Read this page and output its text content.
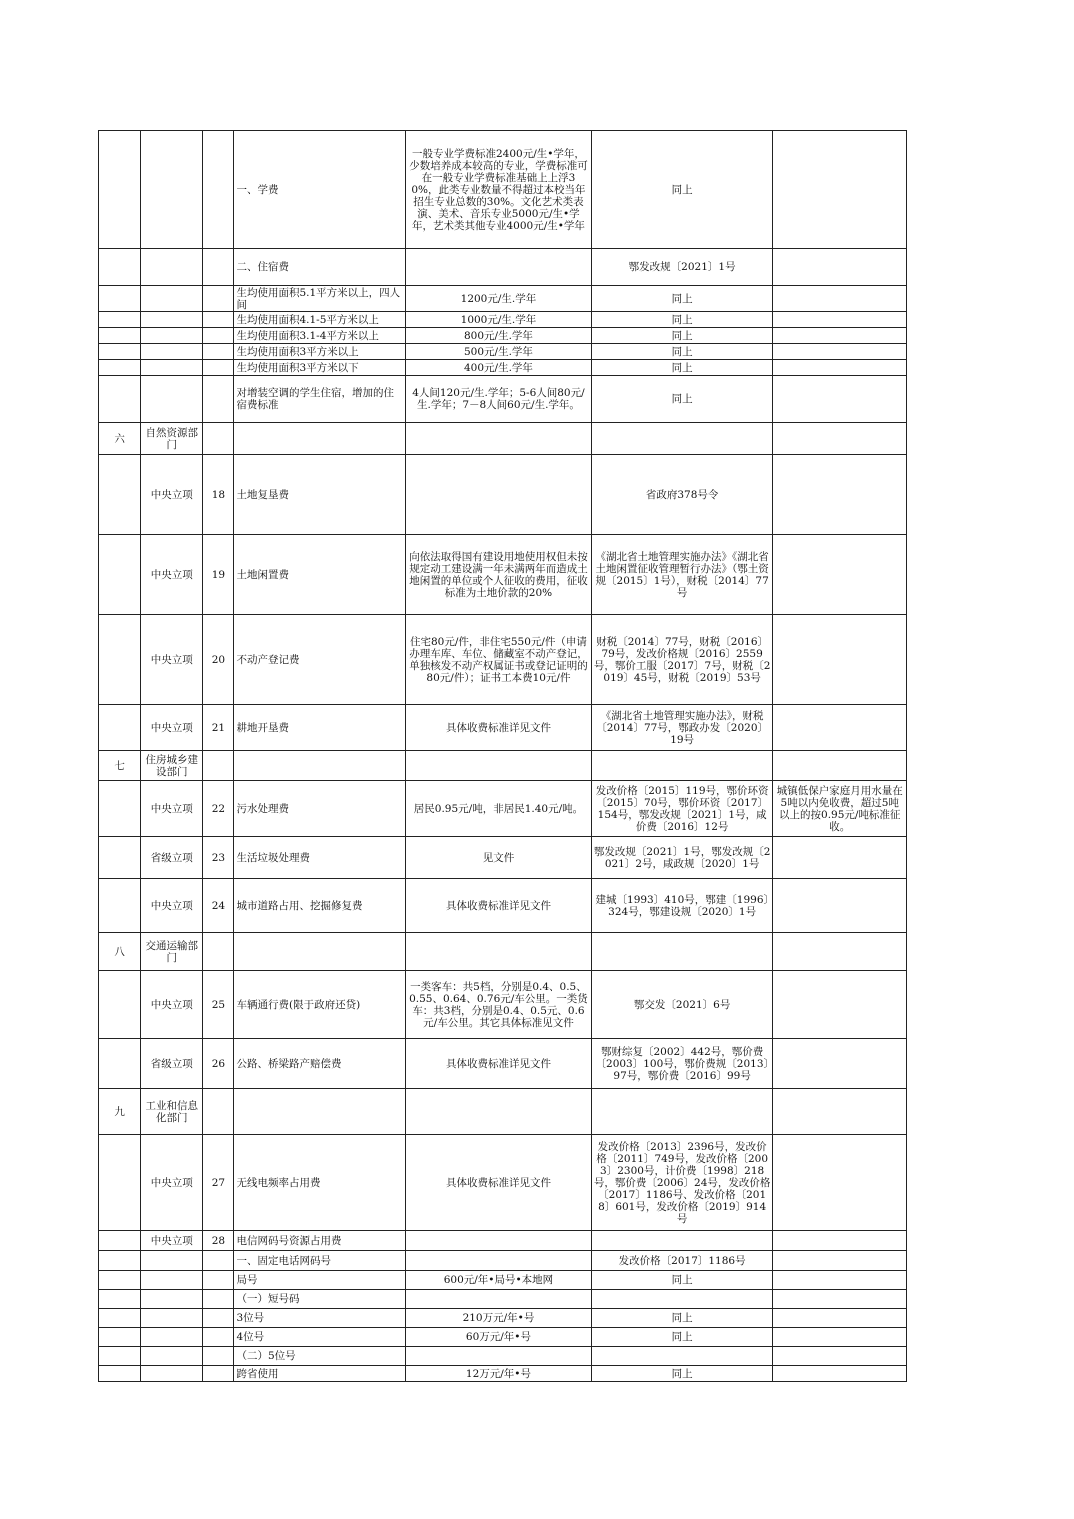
			一、学费	一般专业学费标准2400元/生•学年，少数培养成本较高的专业，学费标准可在一般专业学费标准基础上上浮30%，此类专业数量不得超过本校当年招生专业总数的30%。文化艺术类表演、美术、音乐专业5000元/生•学年，艺术类其他专业4000元/生•学年	同上	
			二、住宿费		鄂发改规〔2021〕1号	
			生均使用面积5.1平方米以上，四人间	1200元/生.学年	同上	
			生均使用面积4.1-5平方米以上	1000元/生.学年	同上	
			生均使用面积3.1-4平方米以上	800元/生.学年	同上	
			生均使用面积3平方米以上	500元/生.学年	同上	
			生均使用面积3平方米以下	400元/生.学年	同上	
			对增装空调的学生住宿，增加的住宿费标准	4人间120元/生.学年；5-6人间80元/生.学年；7－8人间60元/生.学年。	同上	
六	自然资源部门					
	中央立项	18	土地复垦费		省政府378号令	
	中央立项	19	土地闲置费	向依法取得国有建设用地使用权但未按规定动工建设满一年未满两年而造成土地闲置的单位或个人征收的费用，征收标准为土地价款的20%	《湖北省土地管理实施办法》《湖北省土地闲置征收管理暂行办法》（鄂土资规〔2015〕1号），财税〔2014〕77号	
	中央立项	20	不动产登记费	住宅80元/件，非住宅550元/件（申请办理车库、车位、储藏室不动产登记，单独核发不动产权属证书或登记证明的80元/件）；证书工本费10元/件	财税〔2014〕77号，财税〔2016〕79号，发改价格规〔2016〕2559号，鄂价工服〔2017〕7号，财税〔2019〕45号，财税〔2019〕53号	
	中央立项	21	耕地开垦费	具体收费标准详见文件	《湖北省土地管理实施办法》，财税〔2014〕77号，鄂政办发〔2020〕19号	
七	住房城乡建设部门					
	中央立项	22	污水处理费	居民0.95元/吨，非居民1.40元/吨。	发改价格〔2015〕119号，鄂价环资〔2015〕70号，鄂价环资〔2017〕154号，鄂发改规〔2021〕1号，咸价费〔2016〕12号	城镇低保户家庭月用水量在5吨以内免收费，超过5吨以上的按0.95元/吨标准征收。
	省级立项	23	生活垃圾处理费	见文件	鄂发改规〔2021〕1号，鄂发改规〔2021〕2号，咸政规〔2020〕1号	
	中央立项	24	城市道路占用、挖掘修复费	具体收费标准详见文件	建城〔1993〕410号，鄂建〔1996〕324号，鄂建设规〔2020〕1号	
八	交通运输部门					
	中央立项	25	车辆通行费(限于政府还贷)	一类客车：共5档，分别是0.4、0.5、0.55、0.64、0.76元/车公里。一类货车：共3档，分别是0.4、0.5元、0.6元/车公里。其它具体标准见文件	鄂交发〔2021〕6号	
	省级立项	26	公路、桥梁路产赔偿费	具体收费标准详见文件	鄂财综复〔2002〕442号，鄂价费〔2003〕100号，鄂价费规〔2013〕97号，鄂价费〔2016〕99号	
九	工业和信息化部门					
	中央立项	27	无线电频率占用费	具体收费标准详见文件	发改价格〔2013〕2396号，发改价格〔2011〕749号，发改价格〔2003〕2300号，计价费〔1998〕218号，鄂价费〔2006〕24号，发改价格〔2017〕1186号、发改价格〔2018〕601号，发改价格〔2019〕914号	
	中央立项	28	电信网码号资源占用费			
			一、固定电话网码号		发改价格〔2017〕1186号	
			局号	600元/年•局号•本地网	同上	
			（一）短号码			
			3位号	210万元/年•号	同上	
			4位号	60万元/年•号	同上	
			（二）5位号			
			跨省使用	12万元/年•号	同上	
